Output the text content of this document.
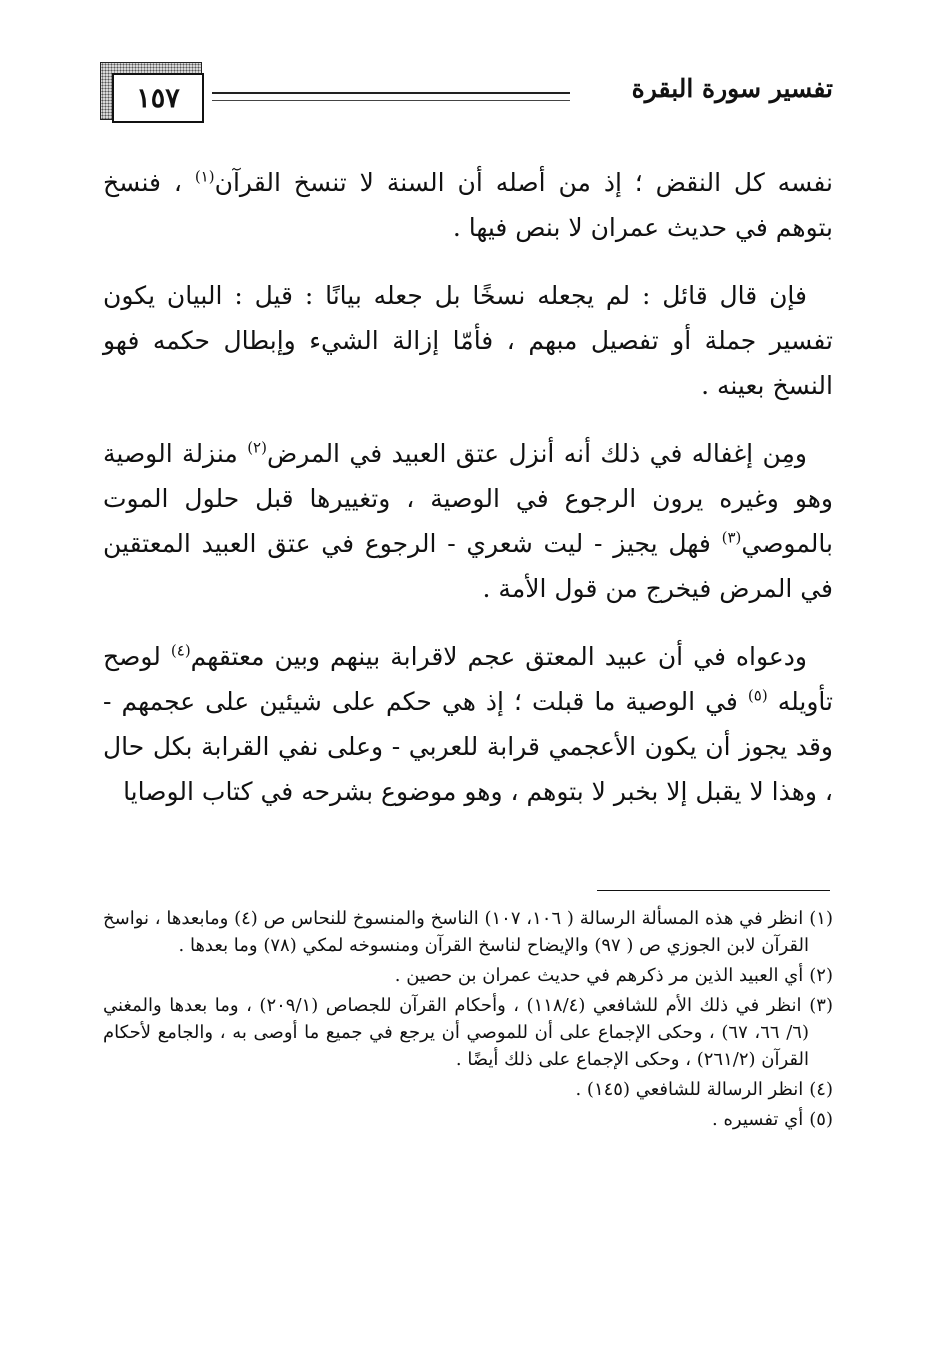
١٥٧	تفسير سورة البقرة

نفسه كل النقض ؛ إذ من أصله أن السنة لا تنسخ القرآن$^{(١)}$ ، فنسخ بتوهم في حديث عمران لا بنص فيها .

فإن قال قائل : لم يجعله نسخًا بل جعله بيانًا : قيل : البيان يكون تفسير جملة أو تفصيل مبهم ، فأمّا إزالة الشيء وإبطال حكمه فهو النسخ بعينه .

ومِن إغفاله في ذلك أنه أنزل عتق العبيد في المرض$^{(٢)}$ منزلة الوصية وهو وغيره يرون الرجوع في الوصية ، وتغييرها قبل حلول الموت بالموصي$^{(٣)}$ فهل يجيز - ليت شعري - الرجوع في عتق العبيد المعتقين في المرض فيخرج من قول الأمة .

ودعواه في أن عبيد المعتق عجم لاقرابة بينهم وبين معتقهم$^{(٤)}$ لوصح تأويله $^{(٥)}$ في الوصية ما قبلت ؛ إذ هي حكم على شيئين على عجمهم - وقد يجوز أن يكون الأعجمي قرابة للعربي - وعلى نفي القرابة بكل حال ، وهذا لا يقبل إلا بخبر لا بتوهم ، وهو موضوع بشرحه في كتاب الوصايا

(١) انظر في هذه المسألة الرسالة ( ١٠٦، ١٠٧) الناسخ والمنسوخ للنحاس ص (٤) ومابعدها ، نواسخ القرآن لابن الجوزي ص ( ٩٧) والإيضاح لناسخ القرآن ومنسوخه لمكي (٧٨) وما بعدها .

(٢) أي العبيد الذين مر ذكرهم في حديث عمران بن حصين .

(٣) انظر في ذلك الأم للشافعي (١١٨/٤) ، وأحكام القرآن للجصاص (٢٠٩/١) ، وما بعدها والمغني (٦/ ٦٦، ٦٧) ، وحكى الإجماع على أن للموصي أن يرجع في جميع ما أوصى به ، والجامع لأحكام القرآن (٢٦١/٢) ، وحكى الإجماع على ذلك أيضًا .

(٤) انظر الرسالة للشافعي (١٤٥) .

(٥) أي تفسيره .
